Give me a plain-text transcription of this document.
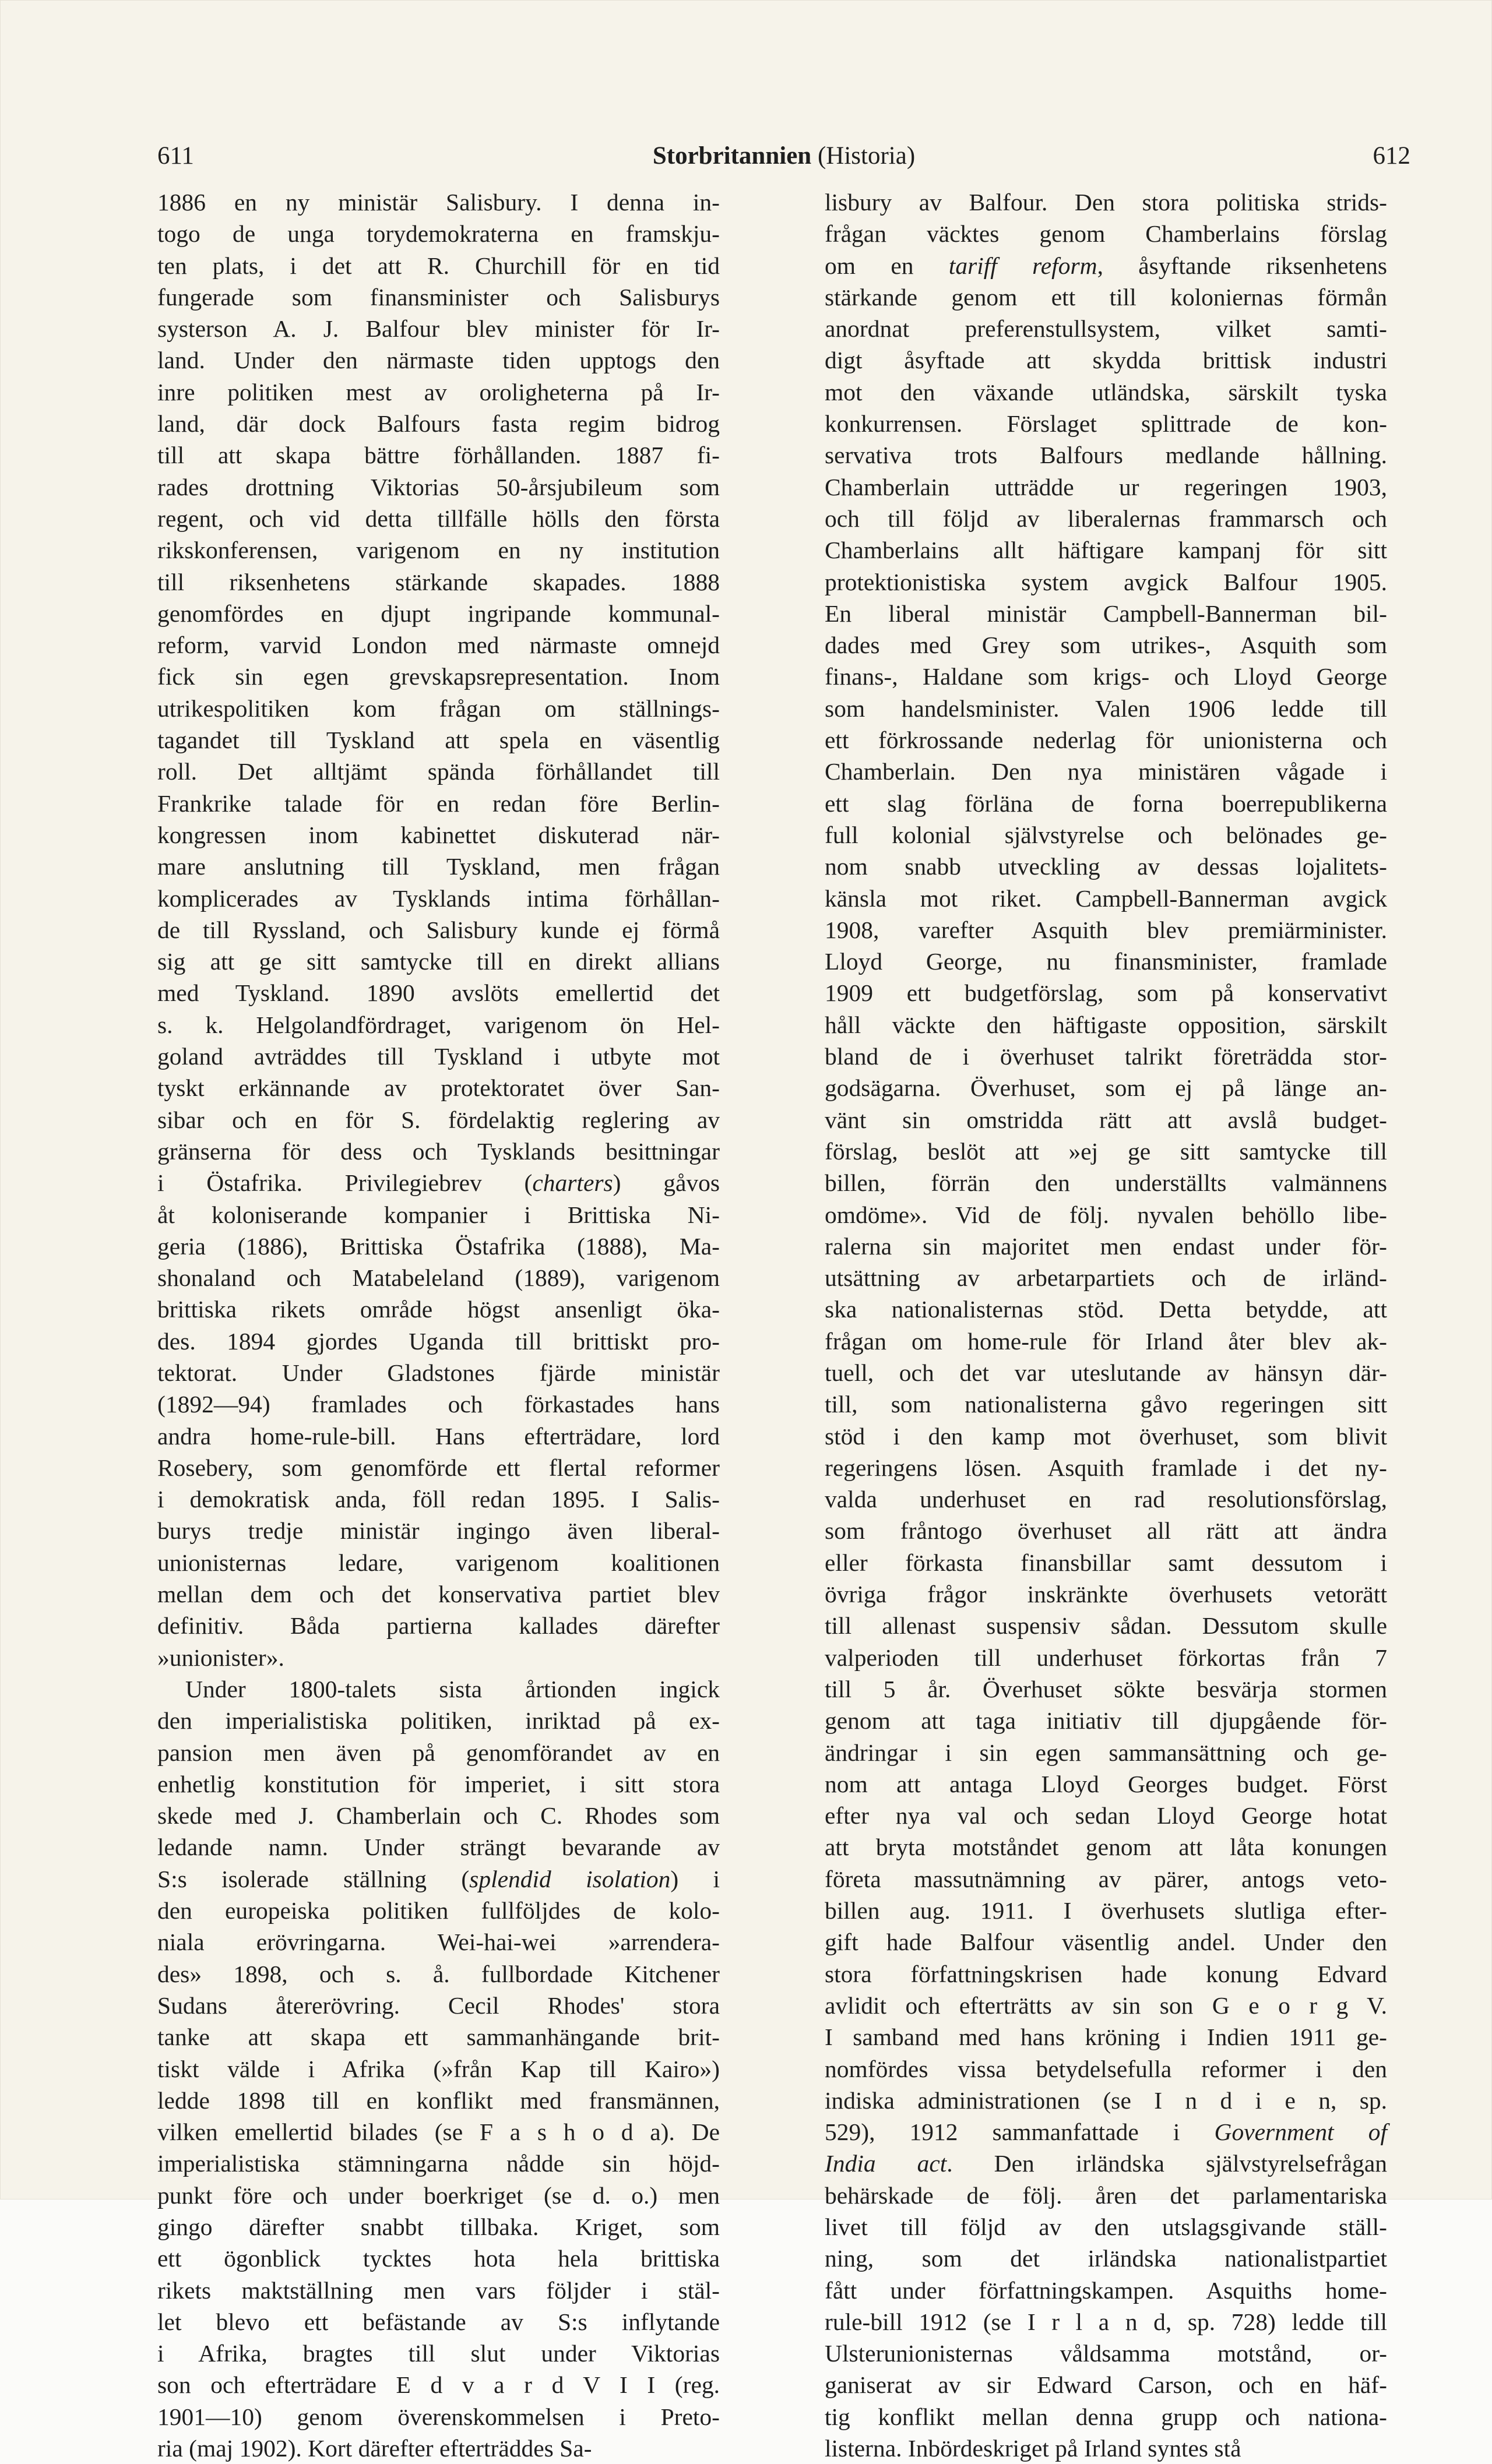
611	Storbritannien (Historia)	612
1886 en ny ministär Salisbury. I denna in-
togo de unga torydemokraterna en framskju-
ten plats, i det att R. Churchill för en tid
fungerade som finansminister och Salisburys
systerson A. J. Balfour blev minister för Ir-
land. Under den närmaste tiden upptogs den
inre politiken mest av oroligheterna på Ir-
land, där dock Balfours fasta regim bidrog
till att skapa bättre förhållanden. 1887 fi-
rades drottning Viktorias 50-årsjubileum som
regent, och vid detta tillfälle hölls den första
rikskonferensen, varigenom en ny institution
till riksenhetens stärkande skapades. 1888
genomfördes en djupt ingripande kommunal-
reform, varvid London med närmaste omnejd
fick sin egen grevskapsrepresentation. Inom
utrikespolitiken kom frågan om ställnings-
tagandet till Tyskland att spela en väsentlig
roll. Det alltjämt spända förhållandet till
Frankrike talade för en redan före Berlin-
kongressen inom kabinettet diskuterad när-
mare anslutning till Tyskland, men frågan
komplicerades av Tysklands intima förhållan-
de till Ryssland, och Salisbury kunde ej förmå
sig att ge sitt samtycke till en direkt allians
med Tyskland. 1890 avslöts emellertid det
s. k. Helgolandfördraget, varigenom ön Hel-
goland avträddes till Tyskland i utbyte mot
tyskt erkännande av protektoratet över San-
sibar och en för S. fördelaktig reglering av
gränserna för dess och Tysklands besittningar
i Östafrika. Privilegiebrev (charters) gåvos
åt koloniserande kompanier i Brittiska Ni-
geria (1886), Brittiska Östafrika (1888), Ma-
shonaland och Matabeleland (1889), varigenom
brittiska rikets område högst ansenligt öka-
des. 1894 gjordes Uganda till brittiskt pro-
tektorat. Under Gladstones fjärde ministär
(1892—94) framlades och förkastades hans
andra home-rule-bill. Hans efterträdare, lord
Rosebery, som genomförde ett flertal reformer
i demokratisk anda, föll redan 1895. I Salis-
burys tredje ministär ingingo även liberal-
unionisternas ledare, varigenom koalitionen
mellan dem och det konservativa partiet blev
definitiv. Båda partierna kallades därefter
»unionister».
Under 1800-talets sista årtionden ingick
den imperialistiska politiken, inriktad på ex-
pansion men även på genomförandet av en
enhetlig konstitution för imperiet, i sitt stora
skede med J. Chamberlain och C. Rhodes som
ledande namn. Under strängt bevarande av
S:s isolerade ställning (splendid isolation) i
den europeiska politiken fullföljdes de kolo-
niala erövringarna. Wei-hai-wei »arrendera-
des» 1898, och s. å. fullbordade Kitchener
Sudans återerövring. Cecil Rhodes' stora
tanke att skapa ett sammanhängande brit-
tiskt välde i Afrika (»från Kap till Kairo»)
ledde 1898 till en konflikt med fransmännen,
vilken emellertid bilades (se F a s h o d a). De
imperialistiska stämningarna nådde sin höjd-
punkt före och under boerkriget (se d. o.) men
gingo därefter snabbt tillbaka. Kriget, som
ett ögonblick tycktes hota hela brittiska
rikets maktställning men vars följder i stäl-
let blevo ett befästande av S:s inflytande
i Afrika, bragtes till slut under Viktorias
son och efterträdare E d v a r d V I I (reg.
1901—10) genom överenskommelsen i Preto-
ria (maj 1902). Kort därefter efterträddes Sa-
lisbury av Balfour. Den stora politiska strids-
frågan väcktes genom Chamberlains förslag
om en tariff reform, åsyftande riksenhetens
stärkande genom ett till koloniernas förmån
anordnat preferenstullsystem, vilket samti-
digt åsyftade att skydda brittisk industri
mot den växande utländska, särskilt tyska
konkurrensen. Förslaget splittrade de kon-
servativa trots Balfours medlande hållning.
Chamberlain utträdde ur regeringen 1903,
och till följd av liberalernas frammarsch och
Chamberlains allt häftigare kampanj för sitt
protektionistiska system avgick Balfour 1905.
En liberal ministär Campbell-Bannerman bil-
dades med Grey som utrikes-, Asquith som
finans-, Haldane som krigs- och Lloyd George
som handelsminister. Valen 1906 ledde till
ett förkrossande nederlag för unionisterna och
Chamberlain. Den nya ministären vågade i
ett slag förläna de forna boerrepublikerna
full kolonial självstyrelse och belönades ge-
nom snabb utveckling av dessas lojalitets-
känsla mot riket. Campbell-Bannerman avgick
1908, varefter Asquith blev premiärminister.
Lloyd George, nu finansminister, framlade
1909 ett budgetförslag, som på konservativt
håll väckte den häftigaste opposition, särskilt
bland de i överhuset talrikt företrädda stor-
godsägarna. Överhuset, som ej på länge an-
vänt sin omstridda rätt att avslå budget-
förslag, beslöt att »ej ge sitt samtycke till
billen, förrän den underställts valmännens
omdöme». Vid de följ. nyvalen behöllo libe-
ralerna sin majoritet men endast under för-
utsättning av arbetarpartiets och de irländ-
ska nationalisternas stöd. Detta betydde, att
frågan om home-rule för Irland åter blev ak-
tuell, och det var uteslutande av hänsyn där-
till, som nationalisterna gåvo regeringen sitt
stöd i den kamp mot överhuset, som blivit
regeringens lösen. Asquith framlade i det ny-
valda underhuset en rad resolutionsförslag,
som fråntogo överhuset all rätt att ändra
eller förkasta finansbillar samt dessutom i
övriga frågor inskränkte överhusets vetorätt
till allenast suspensiv sådan. Dessutom skulle
valperioden till underhuset förkortas från 7
till 5 år. Överhuset sökte besvärja stormen
genom att taga initiativ till djupgående för-
ändringar i sin egen sammansättning och ge-
nom att antaga Lloyd Georges budget. Först
efter nya val och sedan Lloyd George hotat
att bryta motståndet genom att låta konungen
företa massutnämning av pärer, antogs veto-
billen aug. 1911. I överhusets slutliga efter-
gift hade Balfour väsentlig andel. Under den
stora författningskrisen hade konung Edvard
avlidit och efterträtts av sin son G e o r g V.
I samband med hans kröning i Indien 1911 ge-
nomfördes vissa betydelsefulla reformer i den
indiska administrationen (se I n d i e n, sp.
529), 1912 sammanfattade i Government of
India act. Den irländska självstyrelsefrågan
behärskade de följ. åren det parlamentariska
livet till följd av den utslagsgivande ställ-
ning, som det irländska nationalistpartiet
fått under författningskampen. Asquiths home-
rule-bill 1912 (se I r l a n d, sp. 728) ledde till
Ulsterunionisternas våldsamma motstånd, or-
ganiserat av sir Edward Carson, och en häf-
tig konflikt mellan denna grupp och nationa-
listerna. Inbördeskriget på Irland syntes stå
